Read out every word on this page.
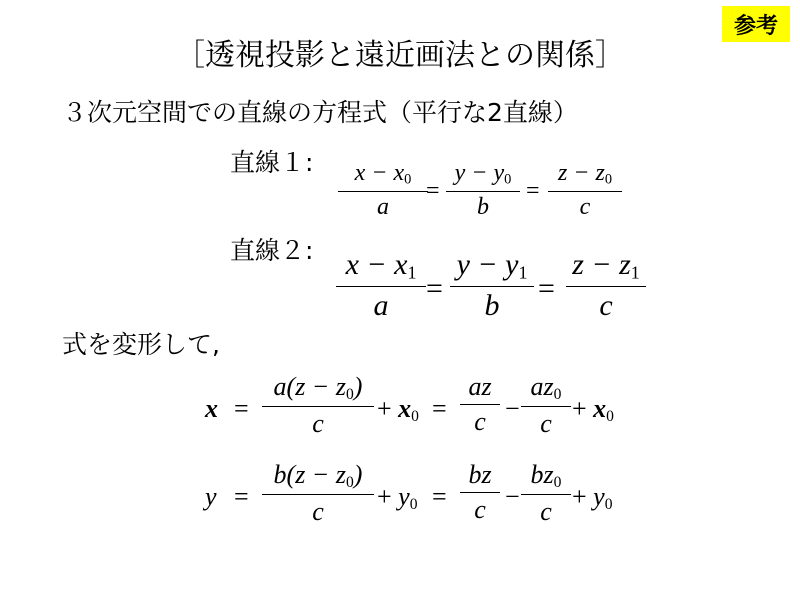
参考
［透視投影と遠近画法との関係］
３次元空間での直線の方程式（平行な2直線）
直線１:	$x - x_0$
a
=
$y - y_0$
b
=
$z - z_0$
c
直線２:	$x - x_1$
a	=
$y - y_1$
b	=
$z - z_1$
c
式を変形して,
x =
$a(z - z_0)$
c
+ $x_0$ =
az
c −
$az_0$
c
+ $x_0$
y =
$b(z - z_0)$
c
+ $y_0$ =
bz
c −
$bz_0$
c
+ $y_0$
